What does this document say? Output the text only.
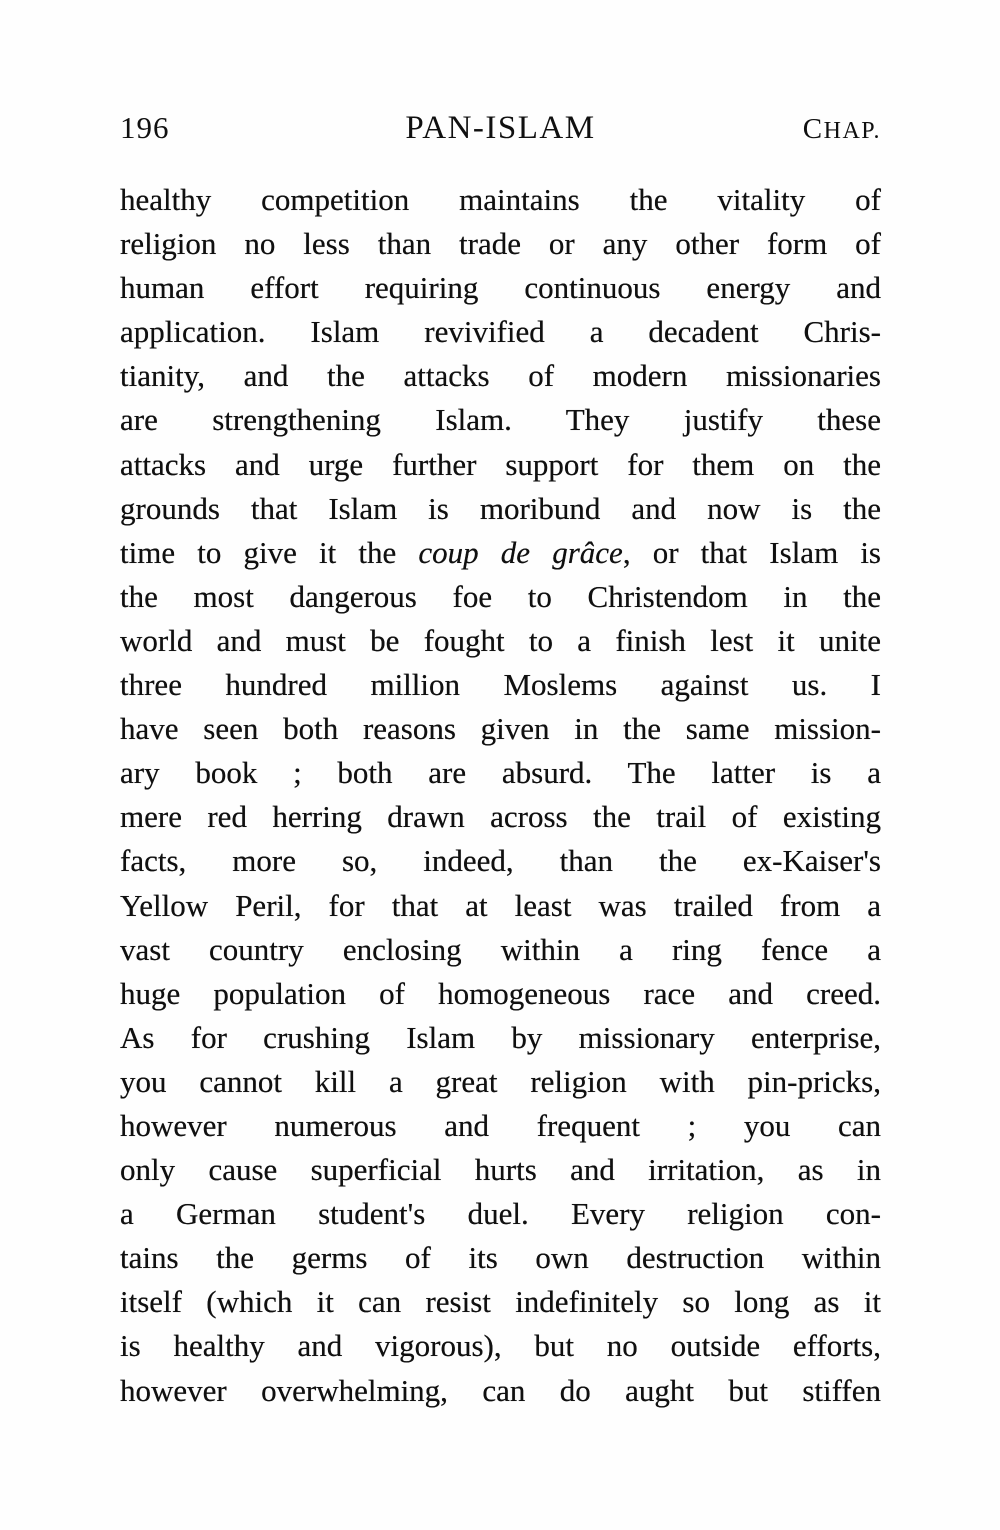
196	PAN-ISLAM	CHAP.
healthy competition maintains the vitality of
religion no less than trade or any other form of
human effort requiring continuous energy and
application. Islam revivified a decadent Chris-
tianity, and the attacks of modern missionaries
are strengthening Islam. They justify these
attacks and urge further support for them on the
grounds that Islam is moribund and now is the
time to give it the coup de grâce, or that Islam is
the most dangerous foe to Christendom in the
world and must be fought to a finish lest it unite
three hundred million Moslems against us. I
have seen both reasons given in the same mission-
ary book ; both are absurd. The latter is a
mere red herring drawn across the trail of existing
facts, more so, indeed, than the ex-Kaiser's
Yellow Peril, for that at least was trailed from a
vast country enclosing within a ring fence a
huge population of homogeneous race and creed.
As for crushing Islam by missionary enterprise,
you cannot kill a great religion with pin-pricks,
however numerous and frequent ; you can
only cause superficial hurts and irritation, as in
a German student's duel. Every religion con-
tains the germs of its own destruction within
itself (which it can resist indefinitely so long as it
is healthy and vigorous), but no outside efforts,
however overwhelming, can do aught but stiffen
